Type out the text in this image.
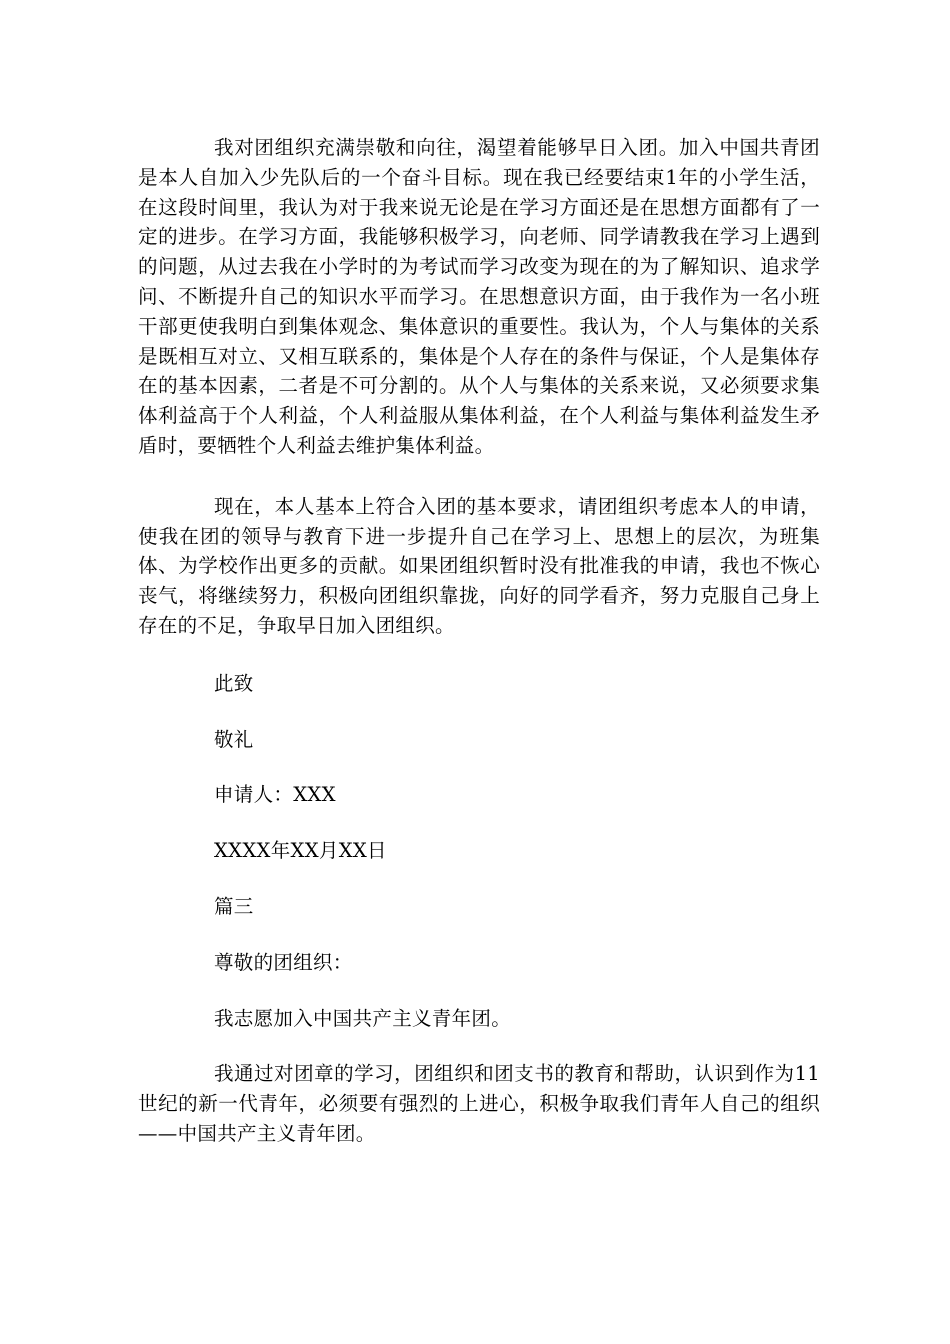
我对团组织充满崇敬和向往，渴望着能够早日入团。加入中国共青团是本人自加入少先队后的一个奋斗目标。现在我已经要结束1年的小学生活，在这段时间里，我认为对于我来说无论是在学习方面还是在思想方面都有了一定的进步。在学习方面，我能够积极学习，向老师、同学请教我在学习上遇到的问题，从过去我在小学时的为考试而学习改变为现在的为了解知识、追求学问、不断提升自己的知识水平而学习。在思想意识方面，由于我作为一名小班干部更使我明白到集体观念、集体意识的重要性。我认为，个人与集体的关系是既相互对立、又相互联系的，集体是个人存在的条件与保证，个人是集体存在的基本因素，二者是不可分割的。从个人与集体的关系来说，又必须要求集体利益高于个人利益，个人利益服从集体利益，在个人利益与集体利益发生矛盾时，要牺牲个人利益去维护集体利益。

现在，本人基本上符合入团的基本要求，请团组织考虑本人的申请，使我在团的领导与教育下进一步提升自己在学习上、思想上的层次，为班集体、为学校作出更多的贡献。如果团组织暂时没有批准我的申请，我也不恢心丧气，将继续努力，积极向团组织靠拢，向好的同学看齐，努力克服自己身上存在的不足，争取早日加入团组织。

此致

敬礼

申请人：XXX

XXXX年XX月XX日

篇三

尊敬的团组织：

我志愿加入中国共产主义青年团。

我通过对团章的学习，团组织和团支书的教育和帮助，认识到作为11世纪的新一代青年，必须要有强烈的上进心，积极争取我们青年人自己的组织——中国共产主义青年团。
